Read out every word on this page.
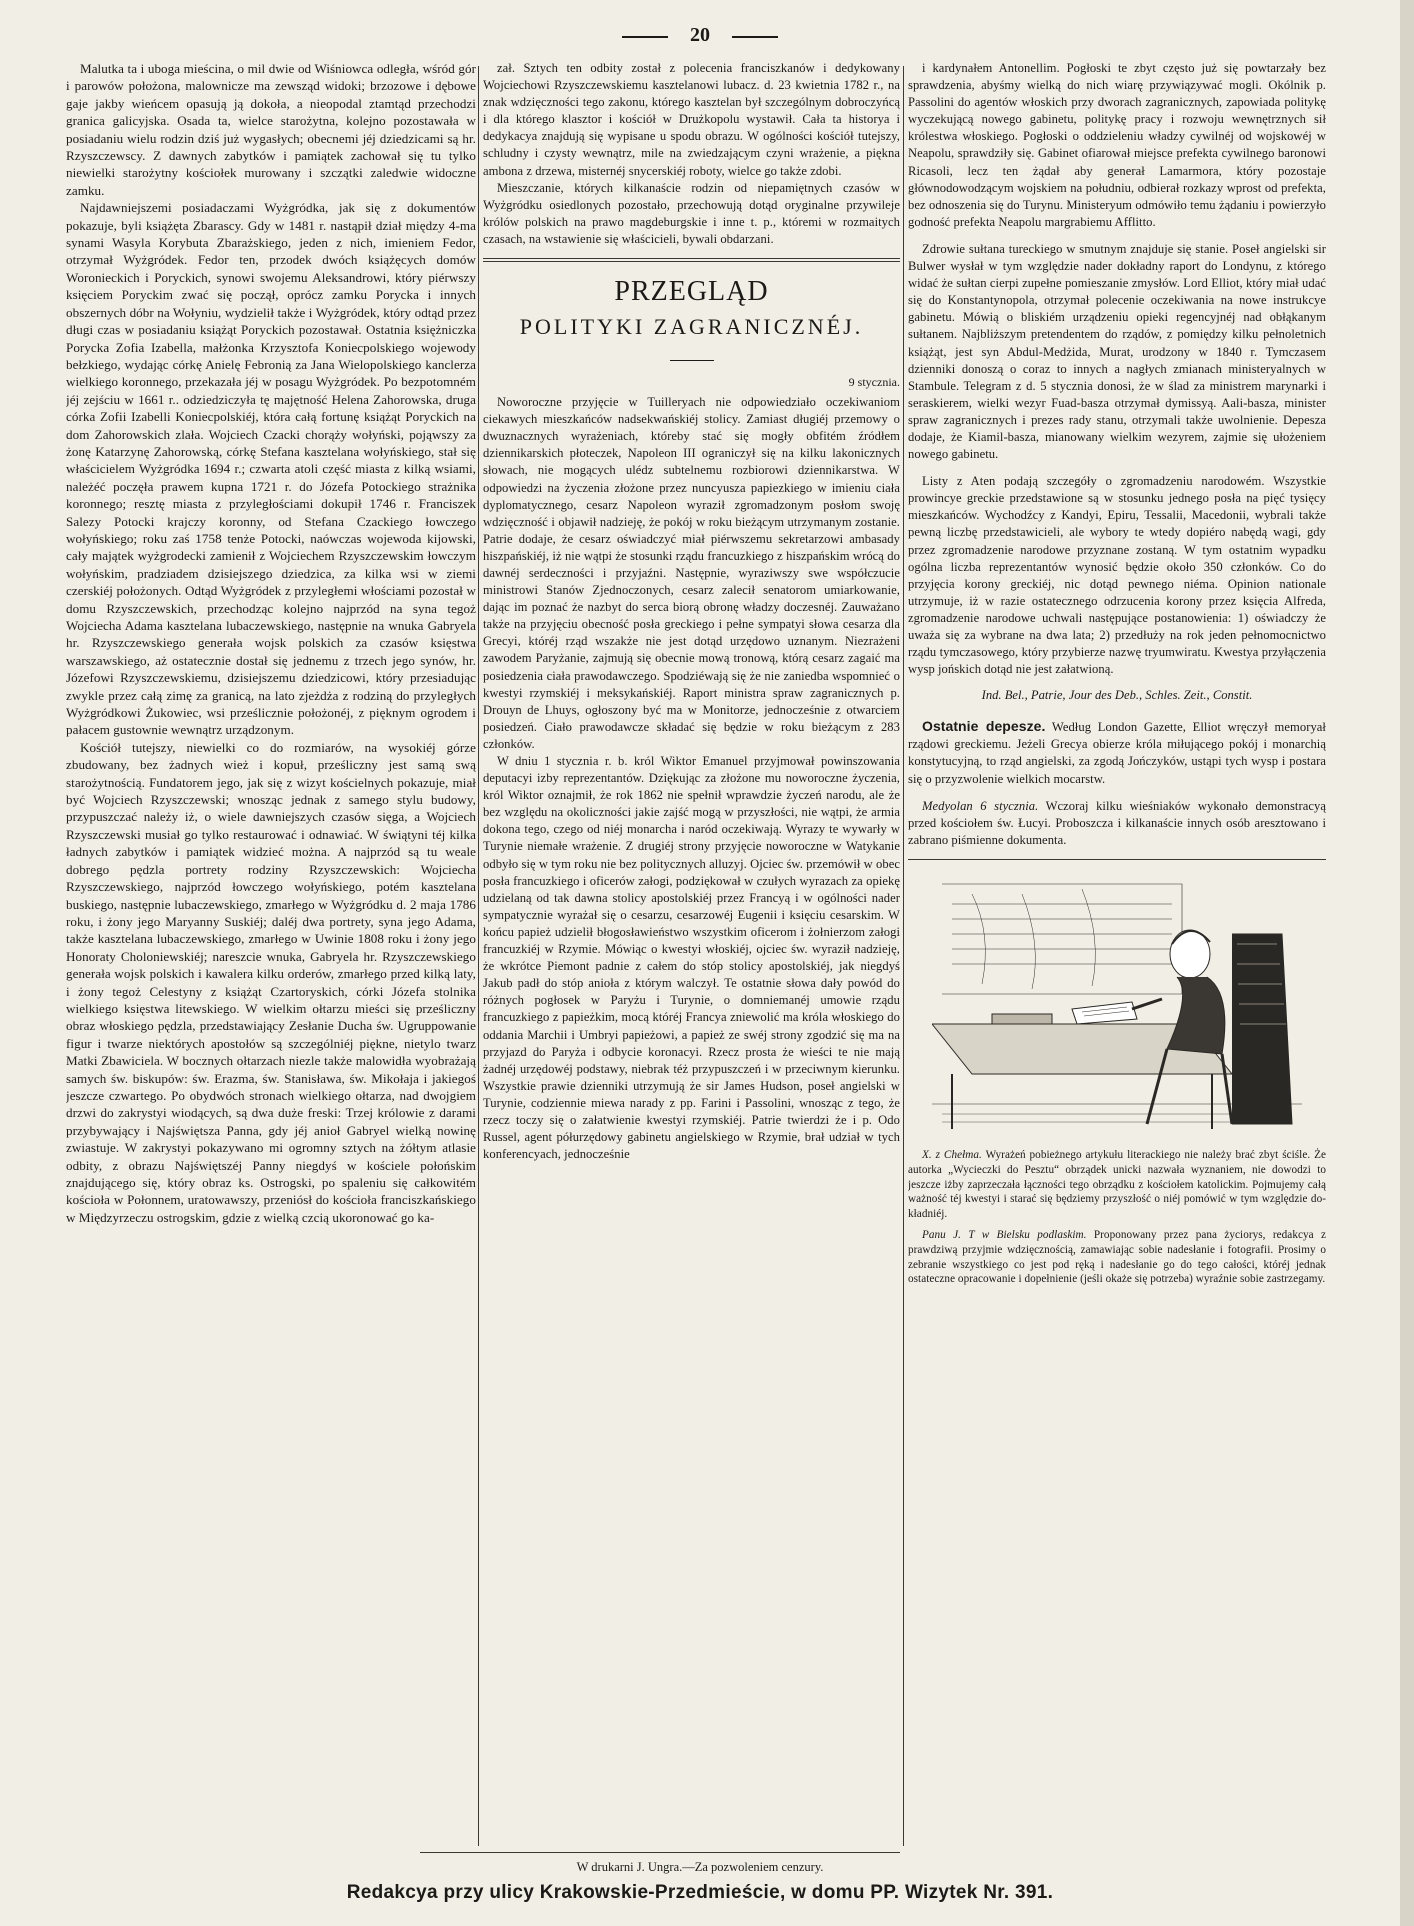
20

Malutka ta i uboga mieścina, o mil dwie od Wiśniowca odległa, wśród gór i parowów położona, malownicze ma zewsząd widoki; brzozowe i dębowe gaje jakby wieńcem opasują ją dokoła, a nieopodal ztamtąd przechodzi granica galicyjska. Osada ta, wielce starożytna, kolejno pozostawała w posiadaniu wielu rodzin dziś już wygasłych; obecnemi jéj dziedzicami są hr. Rzyszczewscy. Z dawnych zabytków i pamiątek zachował się tu tylko niewielki starożytny kościołek murowany i szczątki zaledwie widoczne zamku.

Najdawniejszemi posiadaczami Wyżgródka, jak się z dokumentów pokazuje, byli książęta Zbarascy. Gdy w 1481 r. nastąpił dział między 4-ma synami Wasyla Korybuta Zbarażskiego, jeden z nich, imieniem Fedor, otrzymał Wyżgródek. Fedor ten, przodek dwóch książęcych domów Woronieckich i Poryckich, synowi swojemu Aleksandrowi, który piérwszy księciem Poryckim zwać się począł, oprócz zamku Porycka i innych obszernych dóbr na Wołyniu, wydzielił także i Wyżgródek, który odtąd przez długi czas w posiadaniu książąt Poryckich pozostawał. Ostatnia księżniczka Porycka Zofia Izabella, małżonka Krzysztofa Koniecpolskiego wojewody bełzkiego, wydając córkę Anielę Febronią za Jana Wielopolskiego kanclerza wielkiego koronnego, przekazała jéj w posagu Wyżgródek. Po bezpotomném jéj zejściu w 1661 r.. odziedziczyła tę majętność Helena Zahorowska, druga córka Zofii Izabelli Koniecpolskiéj, która całą fortunę książąt Poryckich na dom Zahorowskich zlała. Wojciech Czacki chorąży wołyński, pojąwszy za żonę Katarzynę Zahorowską, córkę Stefana kasztelana wołyńskiego, stał się właścicielem Wyżgródka 1694 r.; czwarta atoli część miasta z kilką wsiami, należéć poczęła prawem kupna 1721 r. do Józefa Potockiego strażnika koronnego; resztę miasta z przyległościami dokupił 1746 r. Franciszek Salezy Potocki krajczy koronny, od Stefana Czackiego łowczego wołyńskiego; roku zaś 1758 tenże Potocki, naówczas wojewoda kijowski, cały majątek wyżgrodecki zamienił z Wojciechem Rzyszczewskim łowczym wołyńskim, pradziadem dzisiejszego dziedzica, za kilka wsi w ziemi czerskiéj położonych. Odtąd Wyżgródek z przyległemi włościami pozostał w domu Rzyszczewskich, przechodząc kolejno najprzód na syna tegoż Wojciecha Adama kasztelana lubaczewskiego, następnie na wnuka Gabryela hr. Rzyszczewskiego generała wojsk polskich za czasów księstwa warszawskiego, aż ostatecznie dostał się jednemu z trzech jego synów, hr. Józefowi Rzyszczewskiemu, dzisiejszemu dziedzicowi, który przesiadując zwykle przez całą zimę za granicą, na lato zjeżdża z rodziną do przyległych Wyżgródkowi Żukowiec, wsi prześlicznie położonéj, z pięknym ogrodem i pałacem gustownie wewnątrz urządzonym.

Kościół tutejszy, niewielki co do rozmiarów, na wysokiéj górze zbudowany, bez żadnych wież i kopuł, prześliczny jest samą swą starożytnością. Fundatorem jego, jak się z wizyt kościelnych pokazuje, miał być Wojciech Rzyszczewski; wnosząc jednak z samego stylu budowy, przypuszczać należy iż, o wiele dawniejszych czasów sięga, a Wojciech Rzyszczewski musiał go tylko restaurować i odnawiać. W świątyni téj kilka ładnych zabytków i pamiątek widzieć można. A najprzód są tu weale dobrego pędzla portrety rodziny Rzyszczewskich: Wojciecha Rzyszczewskiego, najprzód łowczego wołyńskiego, potém kasztelana buskiego, następnie lubaczewskiego, zmarłego w Wyżgródku d. 2 maja 1786 roku, i żony jego Maryanny Suskiéj; daléj dwa portrety, syna jego Adama, także kasztelana lubaczewskiego, zmarłego w Uwinie 1808 roku i żony jego Honoraty Choloniewskiéj; nareszcie wnuka, Gabryela hr. Rzyszczewskiego generała wojsk polskich i kawalera kilku orderów, zmarłego przed kilką laty, i żony tegoż Celestyny z książąt Czartoryskich, córki Józefa stolnika wielkiego księstwa litewskiego. W wielkim ołtarzu mieści się prześliczny obraz włoskiego pędzla, przedstawiający Zesłanie Ducha św. Ugruppowanie figur i twarze niektórych apostołów są szczególniéj piękne, nietylo twarz Matki Zbawiciela. W bocznych ołtarzach niezle także malowidła wyobrażają samych św. biskupów: św. Erazma, św. Stanisława, św. Mikołaja i jakiegoś jeszcze czwartego. Po obydwóch stronach wielkiego ołtarza, nad dwojgiem drzwi do zakrystyi wiodących, są dwa duże freski: Trzej królowie z darami przybywający i Najświętsza Panna, gdy jéj anioł Gabryel wielką nowinę zwiastuje. W zakrystyi pokazywano mi ogromny sztych na żółtym atlasie odbity, z obrazu Najświętszéj Panny niegdyś w kościele połońskim znajdującego się, który obraz ks. Ostrogski, po spaleniu się całkowitém kościoła w Połonnem, uratowawszy, przeniósł do kościoła franciszkańskiego w Międzyrzeczu ostrogskim, gdzie z wielką czcią ukoronować go ka-

zał. Sztych ten odbity został z polecenia franciszkanów i dedykowany Wojciechowi Rzyszczewskiemu kasztelanowi lubacz. d. 23 kwietnia 1782 r., na znak wdzięczności tego zakonu, którego kasztelan był szczególnym dobroczyńcą i dla którego klasztor i kościół w Drużkopolu wystawił. Cała ta historya i dedykacya znajdują się wypisane u spodu obrazu. W ogólności kościół tutejszy, schludny i czysty wewnątrz, mile na zwiedzającym czyni wrażenie, a piękna ambona z drzewa, misternéj snycerskiéj roboty, wielce go także zdobi.

Mieszczanie, których kilkanaście rodzin od niepamiętnych czasów w Wyżgródku osiedlonych pozostało, przechowują dotąd oryginalne przywileje królów polskich na prawo magdeburgskie i inne t. p., któremi w rozmaitych czasach, na wstawienie się właścicieli, bywali obdarzani.

PRZEGLĄD
POLITYKI ZAGRANICZNÉJ.
9 stycznia.

Noworoczne przyjęcie w Tuilleryach nie odpowiedziało oczekiwaniom ciekawych mieszkańców nadsekwańskiéj stolicy. Zamiast długiéj przemowy o dwuznacznych wyrażeniach, któreby stać się mogły obfitém źródłem dziennikarskich płoteczek, Napoleon III ograniczył się na kilku lakonicznych słowach, nie mogących ulédz subtelnemu rozbiorowi dziennikarstwa. W odpowiedzi na życzenia złożone przez nuncyusza papiezkiego w imieniu ciała dyplomatycznego, cesarz Napoleon wyraził zgromadzonym posłom swoję wdzięczność i objawił nadzieję, że pokój w roku bieżącym utrzymanym zostanie. Patrie dodaje, że cesarz oświadczyć miał piérwszemu sekretarzowi ambasady hiszpańskiéj, iż nie wątpi że stosunki rządu francuzkiego z hiszpańskim wrócą do dawnéj serdeczności i przyjaźni. Następnie, wyraziwszy swe współczucie ministrowi Stanów Zjednoczonych, cesarz zalecił senatorom umiarkowanie, dając im poznać że nazbyt do serca biorą obronę władzy doczesnéj. Zauważano także na przyjęciu obecność posła greckiego i pełne sympatyi słowa cesarza dla Grecyi, któréj rząd wszakże nie jest dotąd urzędowo uznanym. Niezrażeni zawodem Paryżanie, zajmują się obecnie mową tronową, którą cesarz zagaić ma posiedzenia ciała prawodawczego. Spodziéwają się że nie zaniedba wspomnieć o kwestyi rzymskiéj i meksykańskiéj. Raport ministra spraw zagranicznych p. Drouyn de Lhuys, ogłoszony być ma w Monitorze, jednocześnie z otwarciem posiedzeń. Ciało prawodawcze składać się będzie w roku bieżącym z 283 członków.

W dniu 1 stycznia r. b. król Wiktor Emanuel przyjmował powinszowania deputacyi izby reprezentantów. Dziękując za złożone mu noworoczne życzenia, król Wiktor oznajmił, że rok 1862 nie spełnił wprawdzie życzeń narodu, ale że bez względu na okoliczności jakie zajść mogą w przyszłości, nie wątpi, że armia dokona tego, czego od niéj monarcha i naród oczekiwają. Wyrazy te wywarły w Turynie niemałe wrażenie. Z drugiéj strony przyjęcie noworoczne w Watykanie odbyło się w tym roku nie bez politycznych alluzyj. Ojciec św. przemówił w obec posła francuzkiego i oficerów załogi, podziękował w czułych wyrazach za opiekę udzielaną od tak dawna stolicy apostolskiéj przez Francyą i w ogólności nader sympatycznie wyrażał się o cesarzu, cesarzowéj Eugenii i księciu cesarskim. W końcu papież udzielił błogosławieństwo wszystkim oficerom i żołnierzom załogi francuzkiéj w Rzymie. Mówiąc o kwestyi włoskiéj, ojciec św. wyraził nadzieję, że wkrótce Piemont padnie z całem do stóp stolicy apostolskiéj, jak niegdyś Jakub padł do stóp anioła z którym walczył. Te ostatnie słowa dały powód do różnych pogłosek w Paryżu i Turynie, o domniemanéj umowie rządu francuzkiego z papieżkim, mocą któréj Francya zniewolić ma króla włoskiego do oddania Marchii i Umbryi papieżowi, a papież ze swéj strony zgodzić się ma na przyjazd do Paryża i odbycie koronacyi. Rzecz prosta że wieści te nie mają żadnéj urzędowéj podstawy, niebrak téż przypuszczeń i w przeciwnym kierunku. Wszystkie prawie dzienniki utrzymują że sir James Hudson, poseł angielski w Turynie, codziennie miewa narady z pp. Farini i Passolini, wnosząc z tego, że rzecz toczy się o załatwienie kwestyi rzymskiéj. Patrie twierdzi że i p. Odo Russel, agent półurzędowy gabinetu angielskiego w Rzymie, brał udział w tych konferencyach, jednocześnie

i kardynałem Antonellim. Pogłoski te zbyt często już się powtarzały bez sprawdzenia, abyśmy wielką do nich wiarę przywiązywać mogli. Okólnik p. Passolini do agentów włoskich przy dworach zagranicznych, zapowiada politykę wyczekującą nowego gabinetu, politykę pracy i rozwoju wewnętrznych sił królestwa włoskiego. Pogłoski o oddzieleniu władzy cywilnéj od wojskowéj w Neapolu, sprawdziły się. Gabinet ofiarował miejsce prefekta cywilnego baronowi Ricasoli, lecz ten żądał aby generał Lamarmora, który pozostaje głównodowodzącym wojskiem na południu, odbierał rozkazy wprost od prefekta, bez odnoszenia się do Turynu. Ministeryum odmówiło temu żądaniu i powierzyło godność prefekta Neapolu margrabiemu Afflitto.

Zdrowie sułtana tureckiego w smutnym znajduje się stanie. Poseł angielski sir Bulwer wysłał w tym względzie nader dokładny raport do Londynu, z którego widać że sułtan cierpi zupełne pomieszanie zmysłów. Lord Elliot, który miał udać się do Konstantynopola, otrzymał polecenie oczekiwania na nowe instrukcye gabinetu. Mówią o bliskiém urządzeniu opieki regencyjnéj nad obłąkanym sułtanem. Najbliższym pretendentem do rządów, z pomiędzy kilku pełnoletnich książąt, jest syn Abdul-Medżida, Murat, urodzony w 1840 r. Tymczasem dzienniki donoszą o coraz to innych a nagłych zmianach ministeryalnych w Stambule. Telegram z d. 5 stycznia donosi, że w ślad za ministrem marynarki i seraskierem, wielki wezyr Fuad-basza otrzymał dymissyą. Aali-basza, minister spraw zagranicznych i prezes rady stanu, otrzymali także uwolnienie. Depesza dodaje, że Kiamil-basza, mianowany wielkim wezyrem, zajmie się ułożeniem nowego gabinetu.

Listy z Aten podają szczegóły o zgromadzeniu narodowém. Wszystkie prowincye greckie przedstawione są w stosunku jednego posła na pięć tysięcy mieszkańców. Wychodźcy z Kandyi, Epiru, Tessalii, Macedonii, wybrali także pewną liczbę przedstawicieli, ale wybory te wtedy dopiéro nabędą wagi, gdy przez zgromadzenie narodowe przyznane zostaną. W tym ostatnim wypadku ogólna liczba reprezentantów wynosić będzie około 350 członków. Co do przyjęcia korony greckiéj, nic dotąd pewnego niéma. Opinion nationale utrzymuje, iż w razie ostatecznego odrzucenia korony przez księcia Alfreda, zgromadzenie narodowe uchwali następujące postanowienia: 1) oświadczy że uważa się za wybrane na dwa lata; 2) przedłuży na rok jeden pełnomocnictwo rządu tymczasowego, który przybierze nazwę tryumwiratu. Kwestya przyłączenia wysp jońskich dotąd nie jest załatwioną.

Ind. Bel., Patrie, Jour des Deb., Schles. Zeit., Constit.

Ostatnie depesze. Według London Gazette, Elliot wręczył memoryał rządowi greckiemu. Jeżeli Grecya obierze króla miłującego pokój i monarchią konstytucyjną, to rząd angielski, za zgodą Jończyków, ustąpi tych wysp i postara się o przyzwolenie wielkich mocarstw.

Medyolan 6 stycznia. Wczoraj kilku wieśniaków wykonało demonstracyą przed kościołem św. Łucyi. Proboszcza i kilkanaście innych osób aresztowano i zabrano piśmienne dokumenta.

X. z Chełma. Wyrażeń pobieżnego artykułu literackiego nie należy brać zbyt ściśle. Że autorka „Wycieczki do Pesztu“ obrządek unicki nazwała wyznaniem, nie dowodzi to jeszcze iżby zaprzeczała łączności tego obrządku z kościołem katolickim. Pojmujemy całą ważność téj kwestyi i starać się będziemy przyszłość o niéj pomówić w tym względzie do-kładniéj.

Panu J. T w Bielsku podlaskim. Proponowany przez pana życiorys, redakcya z prawdziwą przyjmie wdzięcznością, zamawiając sobie nadesłanie i fotografii. Prosimy o zebranie wszystkiego co jest pod ręką i nadesłanie go do tego całości, któréj jednak ostateczne opracowanie i dopełnienie (jeśli okaże się potrzeba) wyraźnie sobie zastrzegamy.

W drukarni J. Ungra.—Za pozwoleniem cenzury.
Redakcya przy ulicy Krakowskie-Przedmieście, w domu PP. Wizytek Nr. 391.
